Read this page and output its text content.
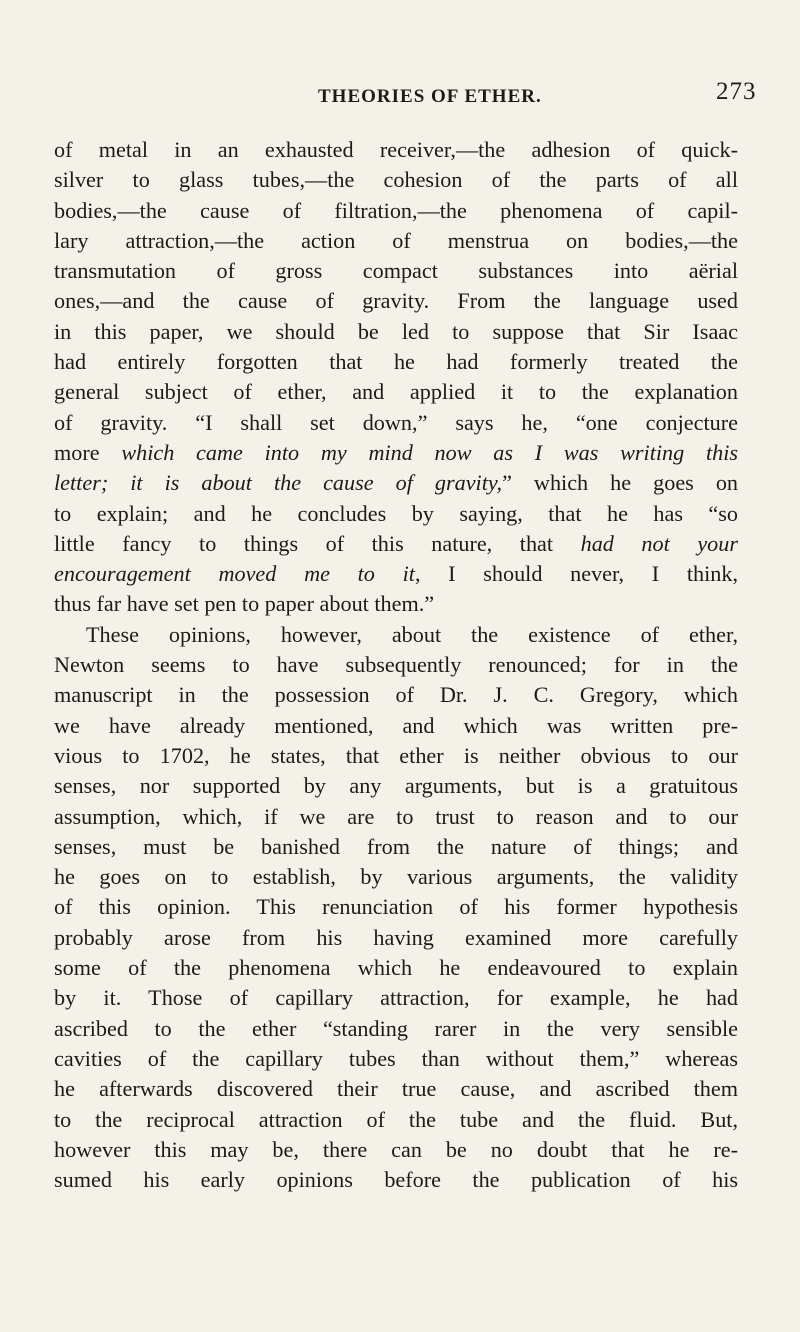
THEORIES OF ETHER.	273
of metal in an exhausted receiver,—the adhesion of quick-
silver to glass tubes,—the cohesion of the parts of all
bodies,—the cause of filtration,—the phenomena of capil-
lary attraction,—the action of menstrua on bodies,—the
transmutation of gross compact substances into aërial
ones,—and the cause of gravity. From the language used
in this paper, we should be led to suppose that Sir Isaac
had entirely forgotten that he had formerly treated the
general subject of ether, and applied it to the explanation
of gravity. “I shall set down,” says he, “one conjecture
more which came into my mind now as I was writing this
letter; it is about the cause of gravity,” which he goes on
to explain; and he concludes by saying, that he has “so
little fancy to things of this nature, that had not your
encouragement moved me to it, I should never, I think,
thus far have set pen to paper about them.”
These opinions, however, about the existence of ether,
Newton seems to have subsequently renounced; for in the
manuscript in the possession of Dr. J. C. Gregory, which
we have already mentioned, and which was written pre-
vious to 1702, he states, that ether is neither obvious to our
senses, nor supported by any arguments, but is a gratuitous
assumption, which, if we are to trust to reason and to our
senses, must be banished from the nature of things; and
he goes on to establish, by various arguments, the validity
of this opinion. This renunciation of his former hypothesis
probably arose from his having examined more carefully
some of the phenomena which he endeavoured to explain
by it. Those of capillary attraction, for example, he had
ascribed to the ether “standing rarer in the very sensible
cavities of the capillary tubes than without them,” whereas
he afterwards discovered their true cause, and ascribed them
to the reciprocal attraction of the tube and the fluid. But,
however this may be, there can be no doubt that he re-
sumed his early opinions before the publication of his
